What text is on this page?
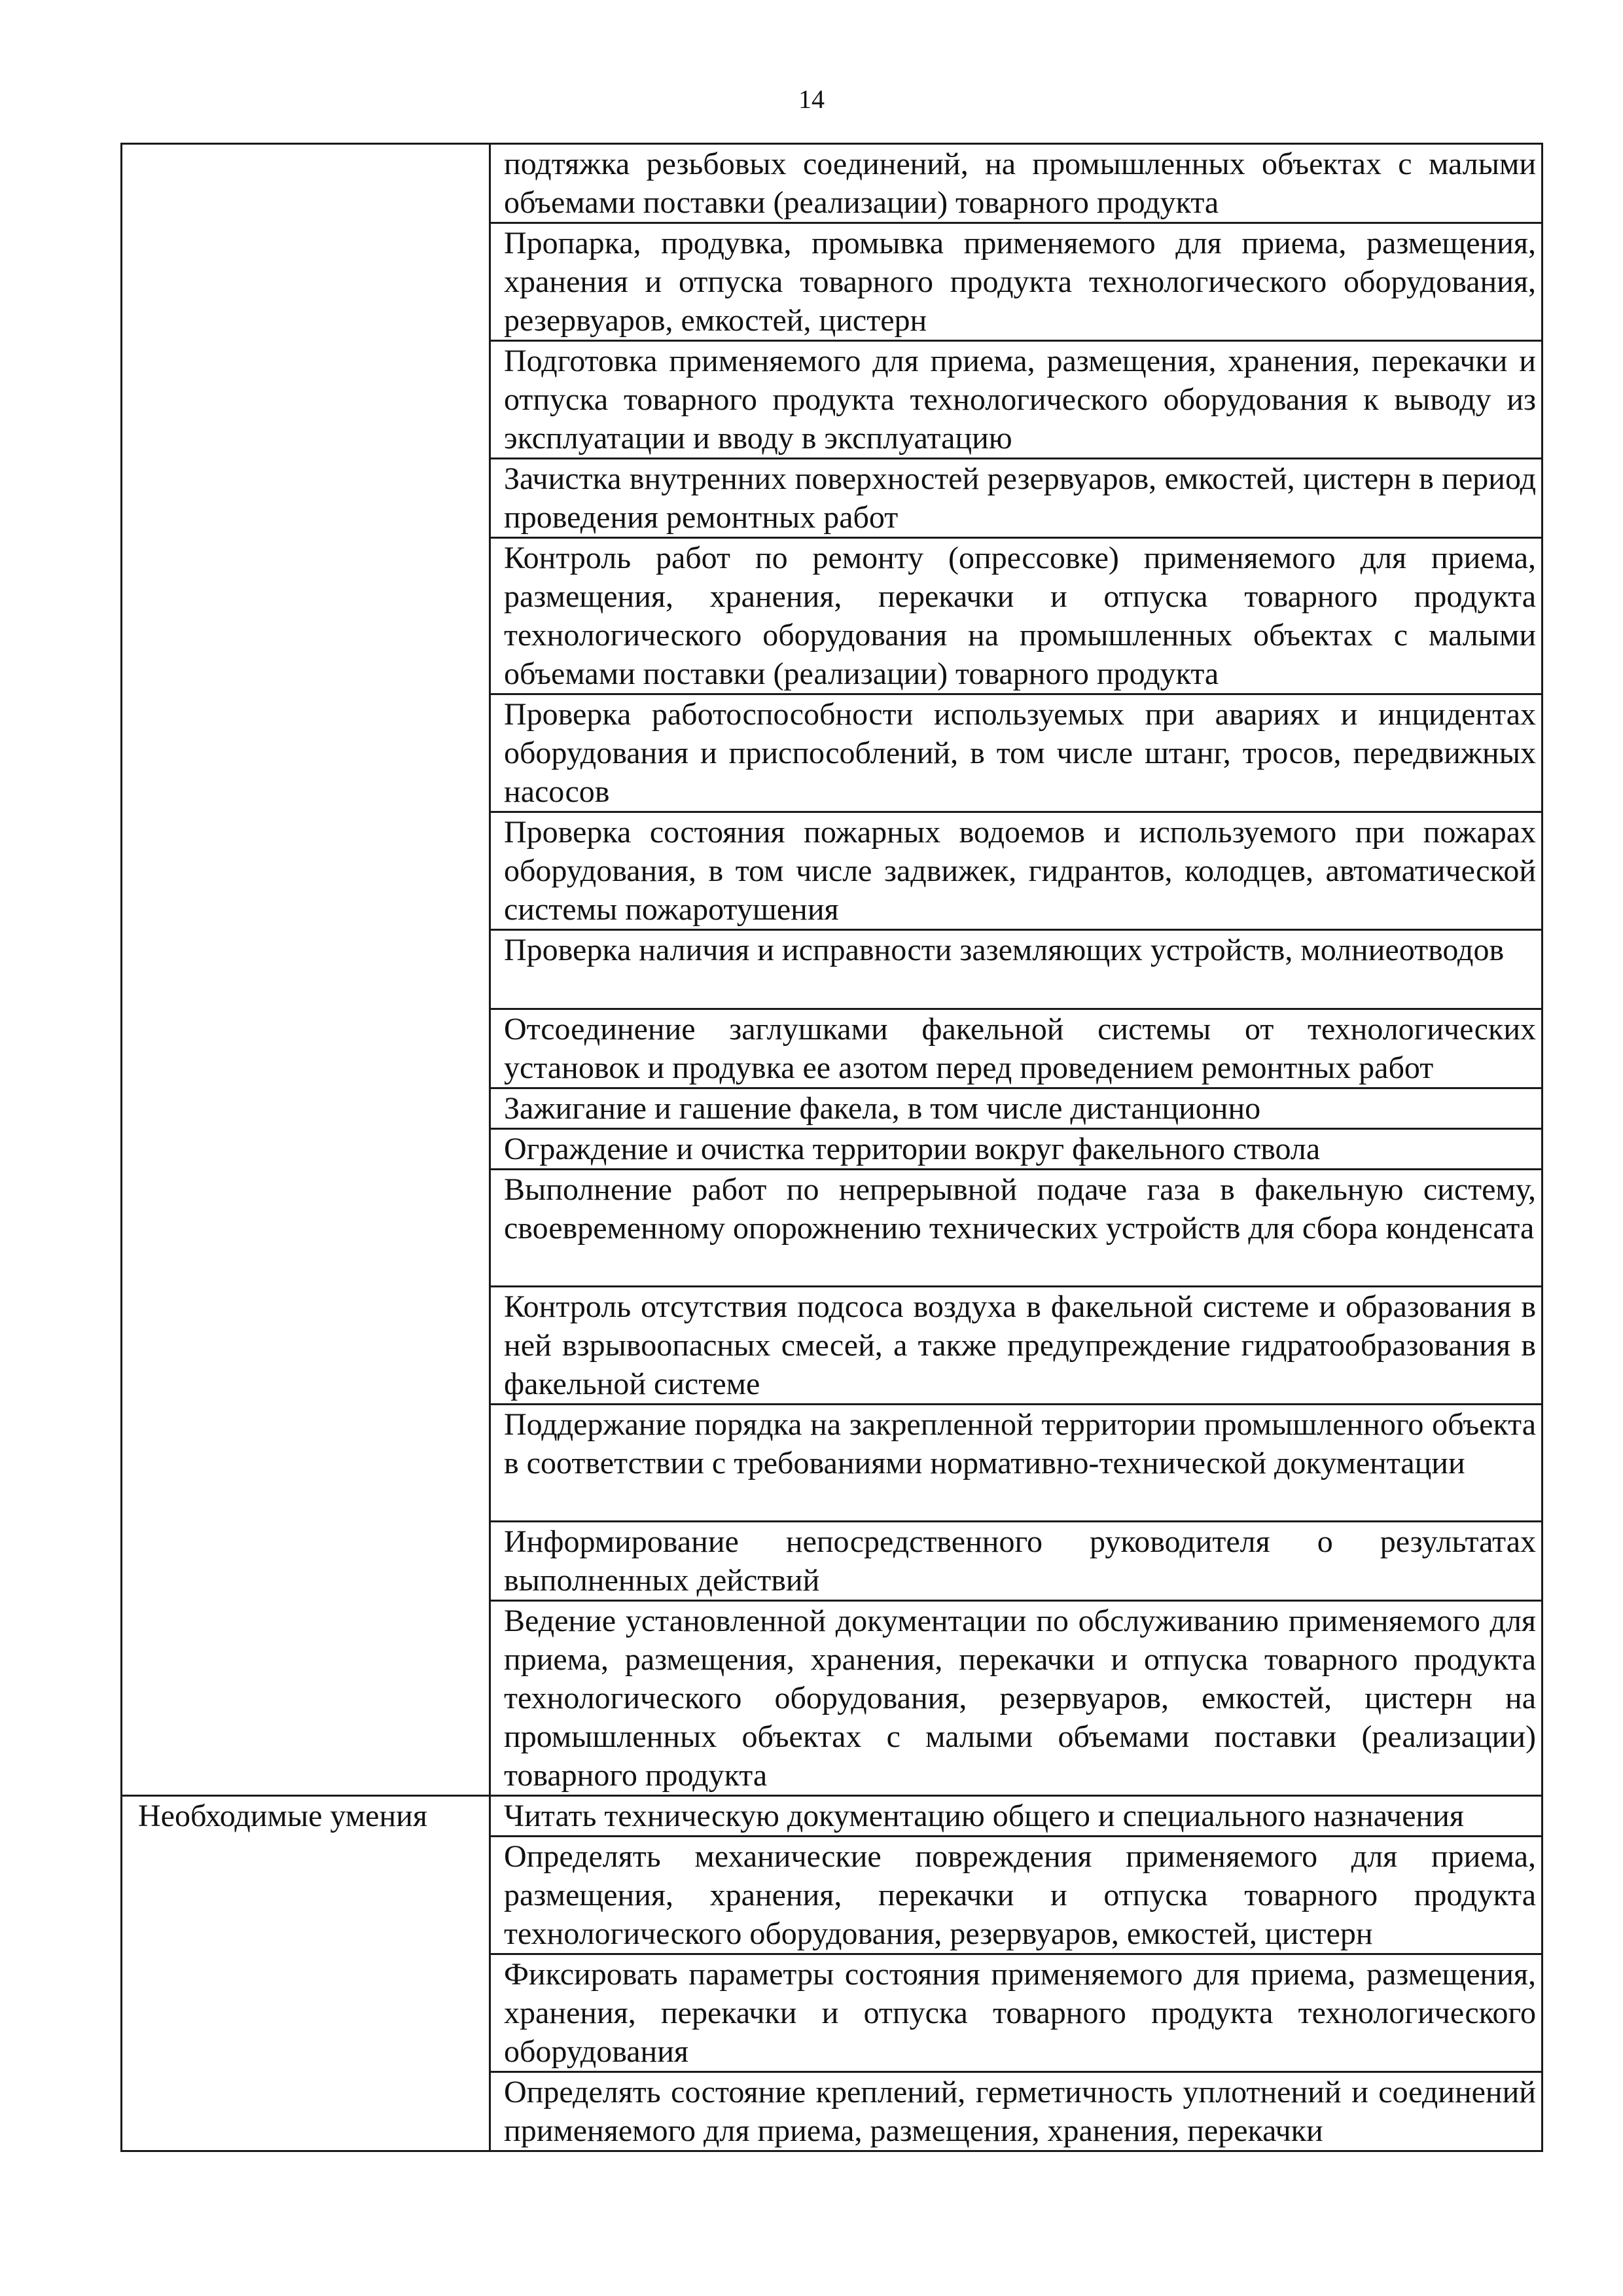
14
	подтяжка резьбовых соединений, на промышленных объектах с малыми объемами поставки (реализации) товарного продукта
	Пропарка, продувка, промывка применяемого для приема, размещения, хранения и отпуска товарного продукта технологического оборудования, резервуаров, емкостей, цистерн
	Подготовка применяемого для приема, размещения, хранения, перекачки и отпуска товарного продукта технологического оборудования к выводу из эксплуатации и вводу в эксплуатацию
	Зачистка внутренних поверхностей резервуаров, емкостей, цистерн в период проведения ремонтных работ
	Контроль работ по ремонту (опрессовке) применяемого для приема, размещения, хранения, перекачки и отпуска товарного продукта технологического оборудования на промышленных объектах с малыми объемами поставки (реализации) товарного продукта
	Проверка работоспособности используемых при авариях и инцидентах оборудования и приспособлений, в том числе штанг, тросов, передвижных насосов
	Проверка состояния пожарных водоемов и используемого при пожарах оборудования, в том числе задвижек, гидрантов, колодцев, автоматической системы пожаротушения
	Проверка наличия и исправности заземляющих устройств, молниеотводов
	Отсоединение заглушками факельной системы от технологических установок и продувка ее азотом перед проведением ремонтных работ
	Зажигание и гашение факела, в том числе дистанционно
	Ограждение и очистка территории вокруг факельного ствола
	Выполнение работ по непрерывной подаче газа в факельную систему, своевременному опорожнению технических устройств для сбора конденсата
	Контроль отсутствия подсоса воздуха в факельной системе и образования в ней взрывоопасных смесей, а также предупреждение гидратообразования в факельной системе
	Поддержание порядка на закрепленной территории промышленного объекта в соответствии с требованиями нормативно-технической документации
	Информирование непосредственного руководителя о результатах выполненных действий
	Ведение установленной документации по обслуживанию применяемого для приема, размещения, хранения, перекачки и отпуска товарного продукта технологического оборудования, резервуаров, емкостей, цистерн на промышленных объектах с малыми объемами поставки (реализации) товарного продукта
Необходимые умения	Читать техническую документацию общего и специального назначения
	Определять механические повреждения применяемого для приема, размещения, хранения, перекачки и отпуска товарного продукта технологического оборудования, резервуаров, емкостей, цистерн
	Фиксировать параметры состояния применяемого для приема, размещения, хранения, перекачки и отпуска товарного продукта технологического оборудования
	Определять состояние креплений, герметичность уплотнений и соединений применяемого для приема, размещения, хранения, перекачки
